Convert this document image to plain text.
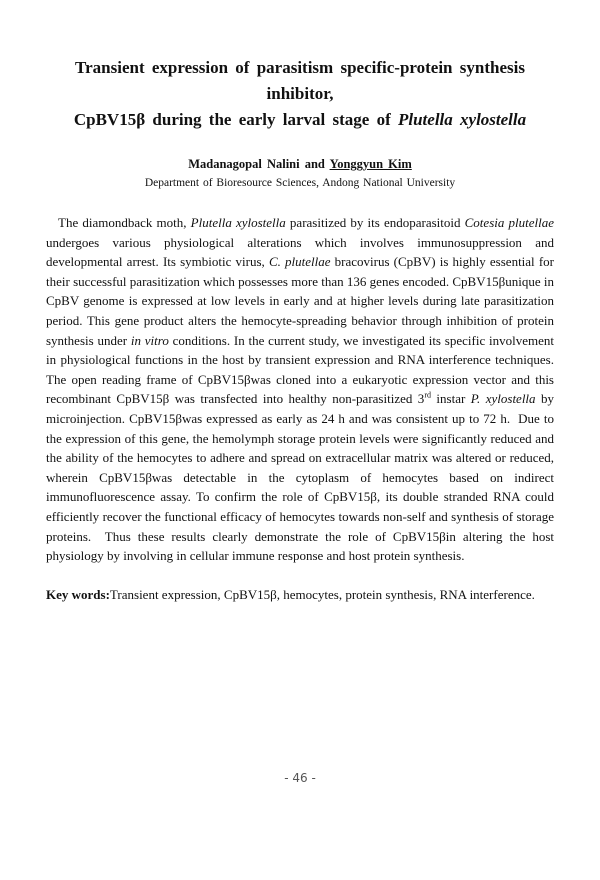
Transient expression of parasitism specific-protein synthesis inhibitor,
CpBV15β during the early larval stage of Plutella xylostella
Madanagopal Nalini and Yonggyun Kim
Department of Bioresource Sciences, Andong National University

The diamondback moth, Plutella xylostella parasitized by its endoparasitoid Cotesia plutellae undergoes various physiological alterations which involves immunosuppression and developmental arrest. Its symbiotic virus, C. plutellae bracovirus (CpBV) is highly essential for their successful parasitization which possesses more than 136 genes encoded. CpBV15βunique in CpBV genome is expressed at low levels in early and at higher levels during late parasitization period. This gene product alters the hemocyte-spreading behavior through inhibition of protein synthesis under in vitro conditions. In the current study, we investigated its specific involvement in physiological functions in the host by transient expression and RNA interference techniques.    The open reading frame of CpBV15βwas cloned into a eukaryotic expression vector and this recombinant CpBV15β was transfected into healthy non-parasitized 3rd instar P. xylostella by microinjection. CpBV15βwas expressed as early as 24 h and was consistent up to 72 h.  Due to the expression of this gene, the hemolymph storage protein levels were significantly reduced and the ability of the hemocytes to adhere and spread on extracellular matrix was altered or reduced, wherein CpBV15βwas detectable in the cytoplasm of hemocytes based on indirect immunofluorescence assay. To confirm the role of CpBV15β, its double stranded RNA could efficiently recover the functional efficacy of hemocytes towards non-self and synthesis of storage proteins.  Thus these results clearly demonstrate the role of CpBV15βin altering the host physiology by involving in cellular immune response and host protein synthesis.

Key words:Transient expression, CpBV15β, hemocytes, protein synthesis, RNA interference.

- 46 -
